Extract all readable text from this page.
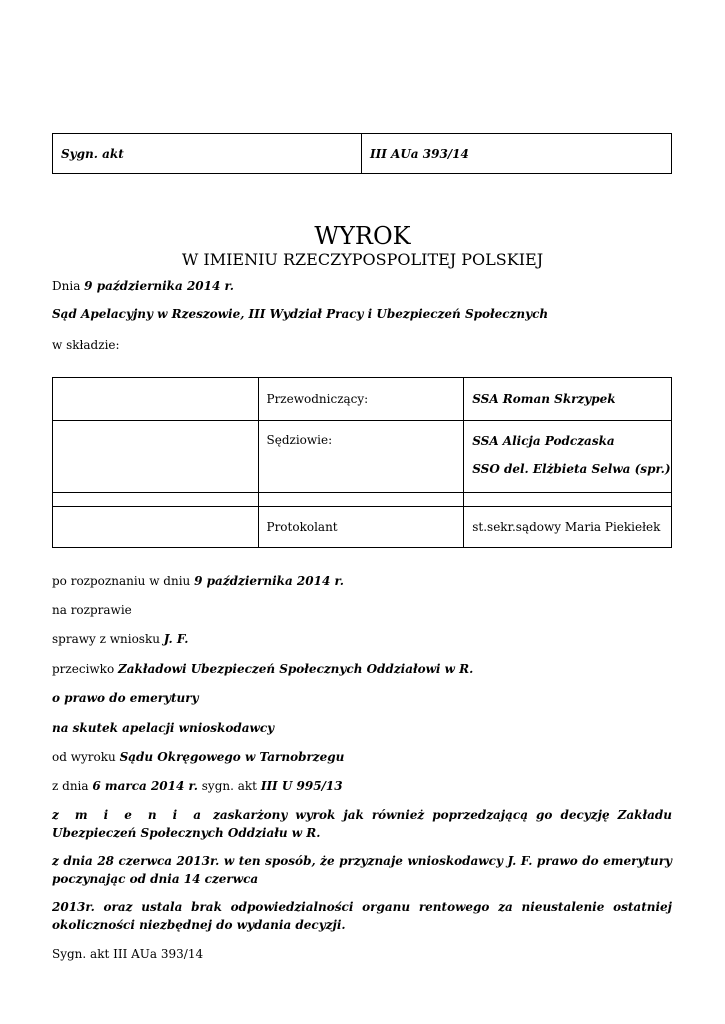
Sygn. akt	III AUa 393/14
WYROK
W IMIENIU RZECZYPOSPOLITEJ POLSKIEJ
Dnia 9 października 2014 r.
Sąd Apelacyjny w Rzeszowie, III Wydział Pracy i Ubezpieczeń Społecznych
w składzie:
	Przewodniczący:	SSA Roman Skrzypek
	Sędziowie:	SSA Alicja Podczaska
SSO del. Elżbieta Selwa (spr.)

	Protokolant	st.sekr.sądowy Maria Piekiełek
po rozpoznaniu w dniu 9 października 2014 r.
na rozprawie
sprawy z wniosku J. F.
przeciwko Zakładowi Ubezpieczeń Społecznych Oddziałowi w R.
o prawo do emerytury
na skutek apelacji wnioskodawcy
od wyroku Sądu Okręgowego w Tarnobrzegu
z dnia 6 marca 2014 r. sygn. akt III U 995/13
z m i e n i a zaskarżony wyrok jak również poprzedzającą go decyzję Zakładu Ubezpieczeń Społecznych Oddziału w R.
z dnia 28 czerwca 2013r. w ten sposób, że przyznaje wnioskodawcy J. F. prawo do emerytury poczynając od dnia 14 czerwca
2013r. oraz ustala brak odpowiedzialności organu rentowego za nieustalenie ostatniej okoliczności niezbędnej do wydania decyzji.
Sygn. akt III AUa 393/14
